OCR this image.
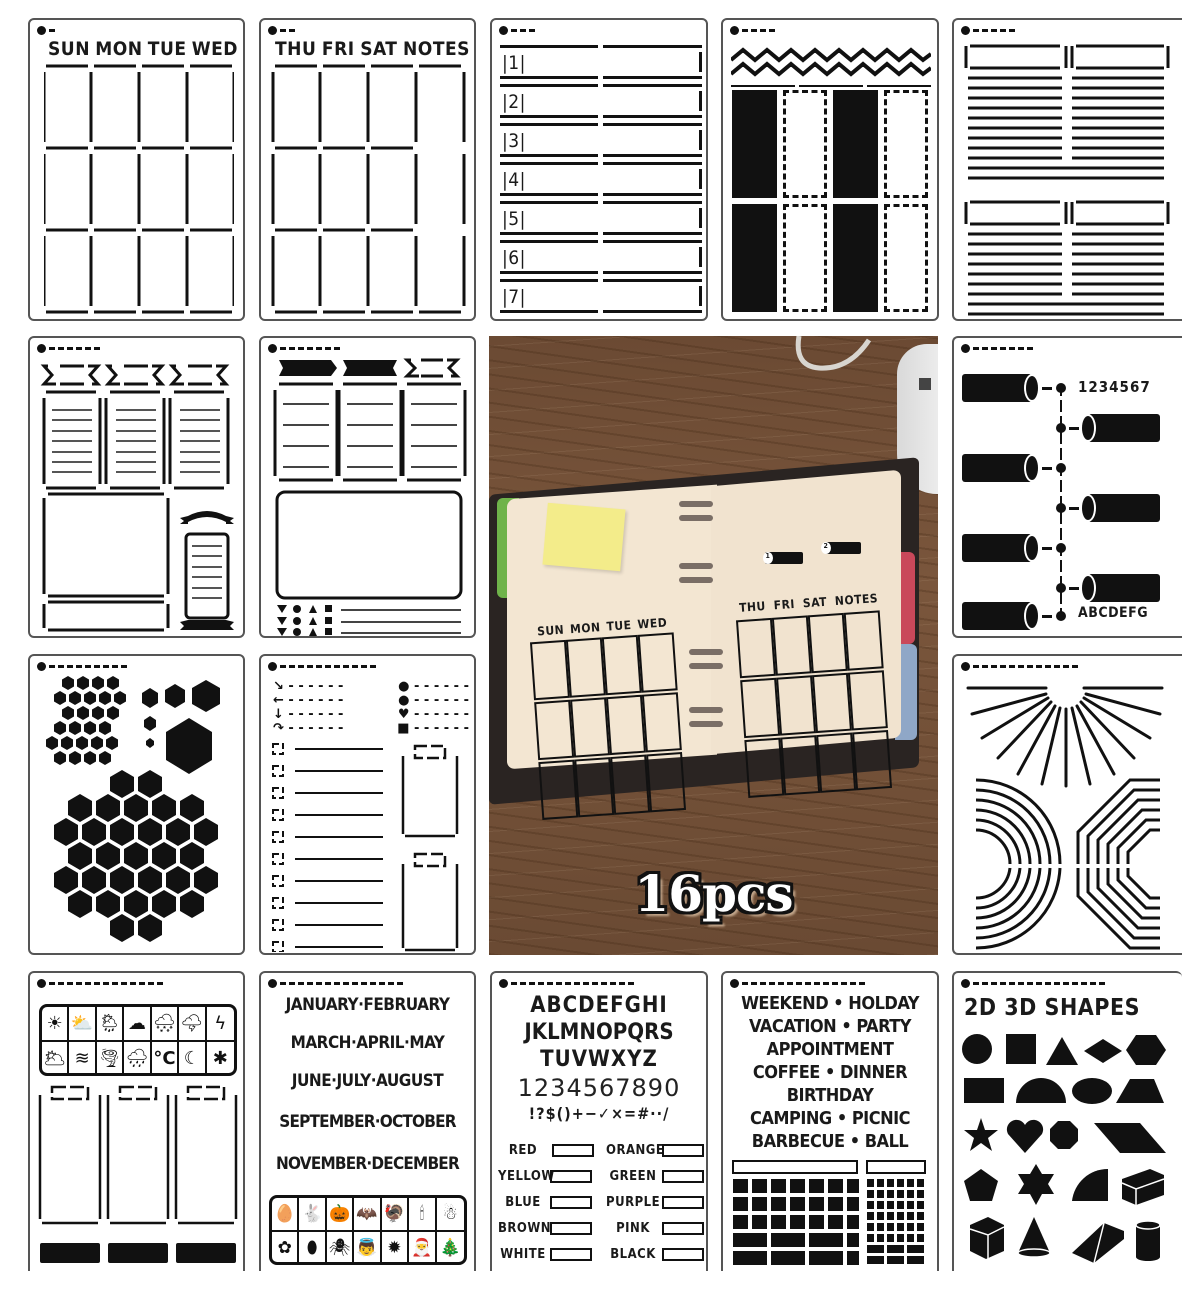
SUN MON TUE WED THU FRI SAT NOTES
|1|
|2|
|3|
|4|
|5|
|6|
|7|
1
2
SUN MON TUE WED
THU FRI SAT NOTES
16pcs
1234567
ABCDEFG
↘ - - - - - -	● - - - - - -
← - - - - - -	● - - - - - -
↓ - - - - - -	♥ - - - - - -
↷ - - - - - -	■ - - - - - -
☀ ⛅ 🌦 ☁ 🌨 🌩 ϟ
🌥 ≋ 🌪 🌧 °C ☾ ✱
JANUARY·FEBRUARY
MARCH·APRIL·MAY
JUNE·JULY·AUGUST
SEPTEMBER·OCTOBER
NOVEMBER·DECEMBER
🥚 🐇 🎃 🦇 🦃 🕯	☃
✿ ⬮ 🕷 👼 ✹ 🎅 🎄
ABCDEFGHI
JKLMNOPQRS
TUVWXYZ
1234567890
!?$()+−✓×=#··/
RED	ORANGE
YELLOW	GREEN
BLUE	PURPLE
BROWN	PINK
WHITE	BLACK
WEEKEND • HOLDAY
VACATION • PARTY
APPOINTMENT
COFFEE • DINNER
BIRTHDAY
CAMPING • PICNIC
BARBECUE • BALL
2D 3D SHAPES
